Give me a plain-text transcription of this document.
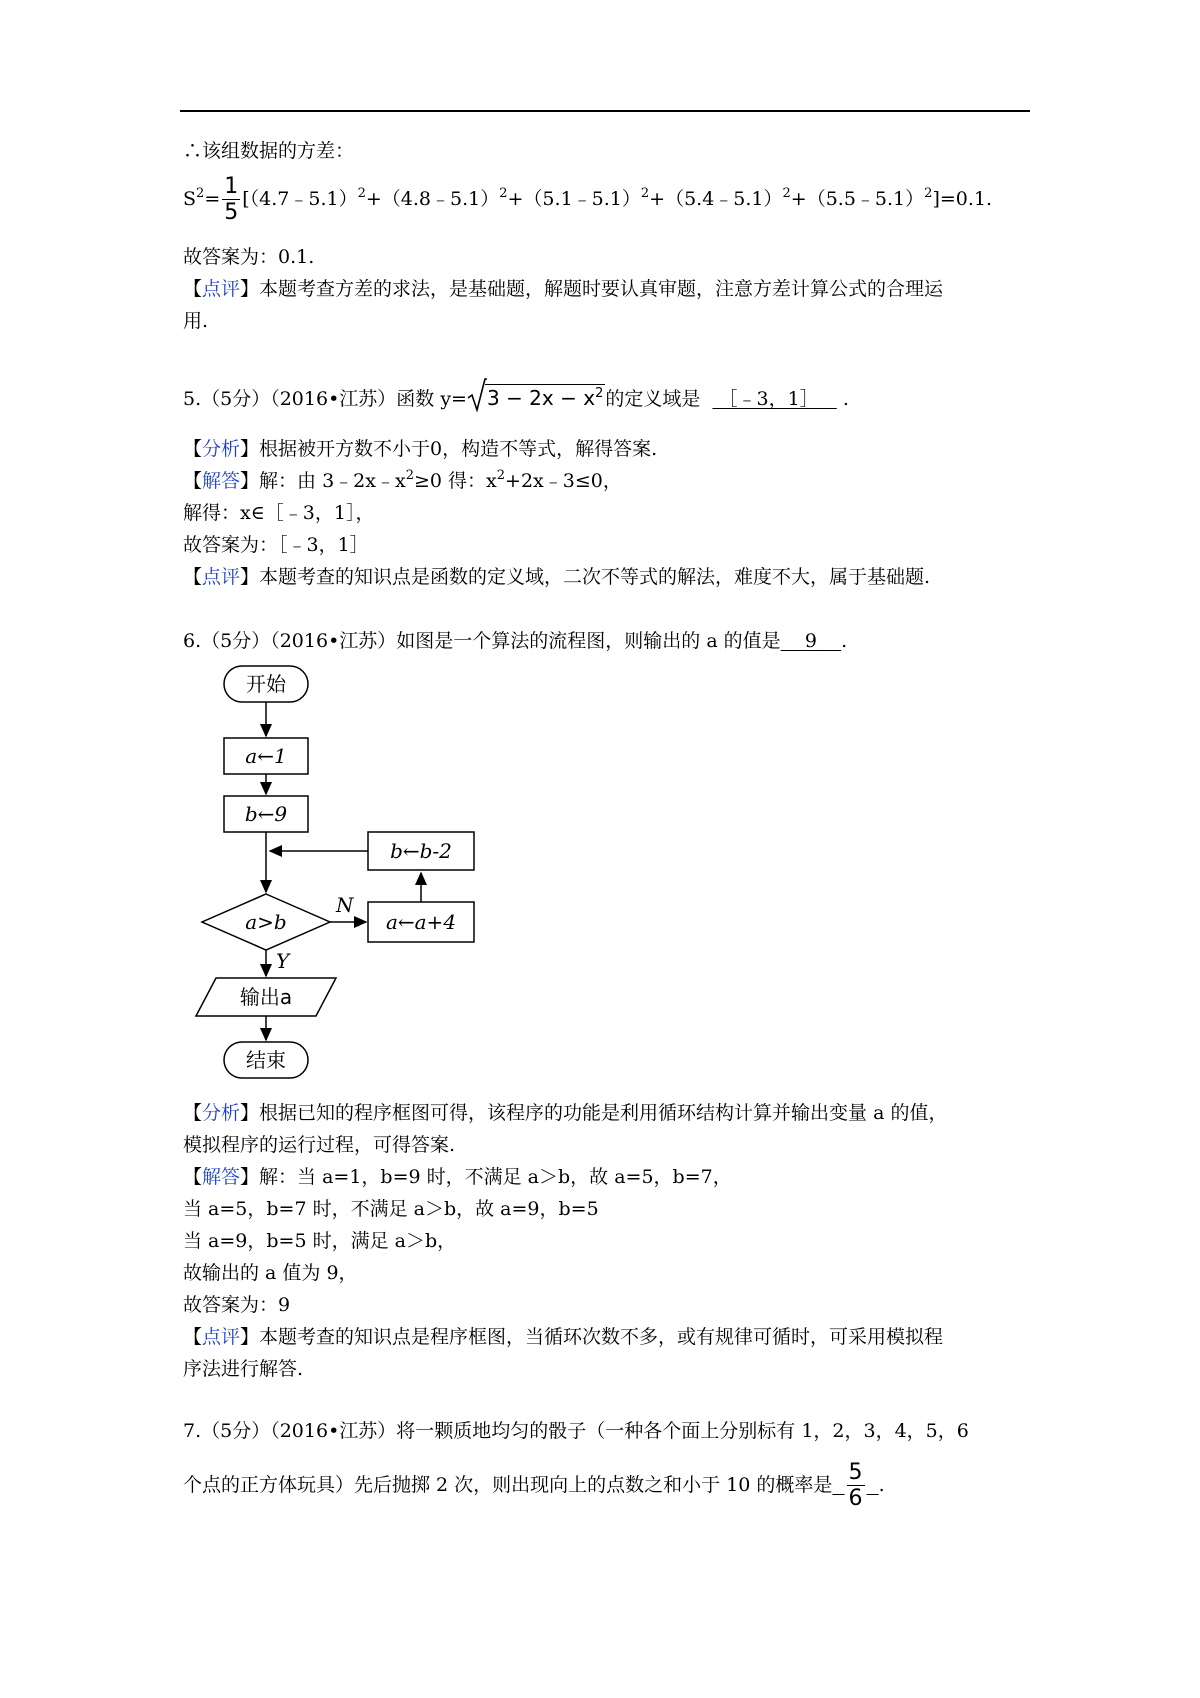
∴该组数据的方差：
$S^2= \frac{1}{5}$ [（4.7﹣5.1）$^2$+（4.8﹣5.1）$^2$+（5.1﹣5.1）$^2$+（5.4﹣5.1）$^2$+（5.5﹣5.1）$^2$]=0.1.
故答案为：0.1.
【点评】本题考查方差的求法，是基础题，解题时要认真审题，注意方差计算公式的合理运
用.
5.（5分）（2016•江苏）函数 $y= 3 - 2x - x^2$ 的定义域是 ［﹣3，1］ .
【分析】根据被开方数不小于0，构造不等式，解得答案.
【解答】解：由 $3﹣2x﹣x^2\ge 0$ 得：$x^2+2x﹣3\le 0$，
解得：x∈［﹣3，1］，
故答案为：［﹣3，1］
【点评】本题考查的知识点是函数的定义域，二次不等式的解法，难度不大，属于基础题.
6.（5分）（2016•江苏）如图是一个算法的流程图，则输出的 a 的值是 9 .
开始
a←1
b←9
b←b-2
a>b
N
a←a+4
Y
输出a
结束
【分析】根据已知的程序框图可得，该程序的功能是利用循环结构计算并输出变量 a 的值，
模拟程序的运行过程，可得答案.
【解答】解：当 a=1，b=9 时，不满足 a＞b，故 a=5，b=7，
当 a=5，b=7 时，不满足 a＞b，故 a=9，b=5
当 a=9，b=5 时，满足 a＞b，
故输出的 a 值为 9，
故答案为：9
【点评】本题考查的知识点是程序框图，当循环次数不多，或有规律可循时，可采用模拟程
序法进行解答.
7.（5分）（2016•江苏）将一颗质地均匀的骰子（一种各个面上分别标有 1，2，3，4，5，6
个点的正方体玩具）先后抛掷 2 次，则出现向上的点数之和小于 10 的概率是 $\frac{5}{6}$ .
